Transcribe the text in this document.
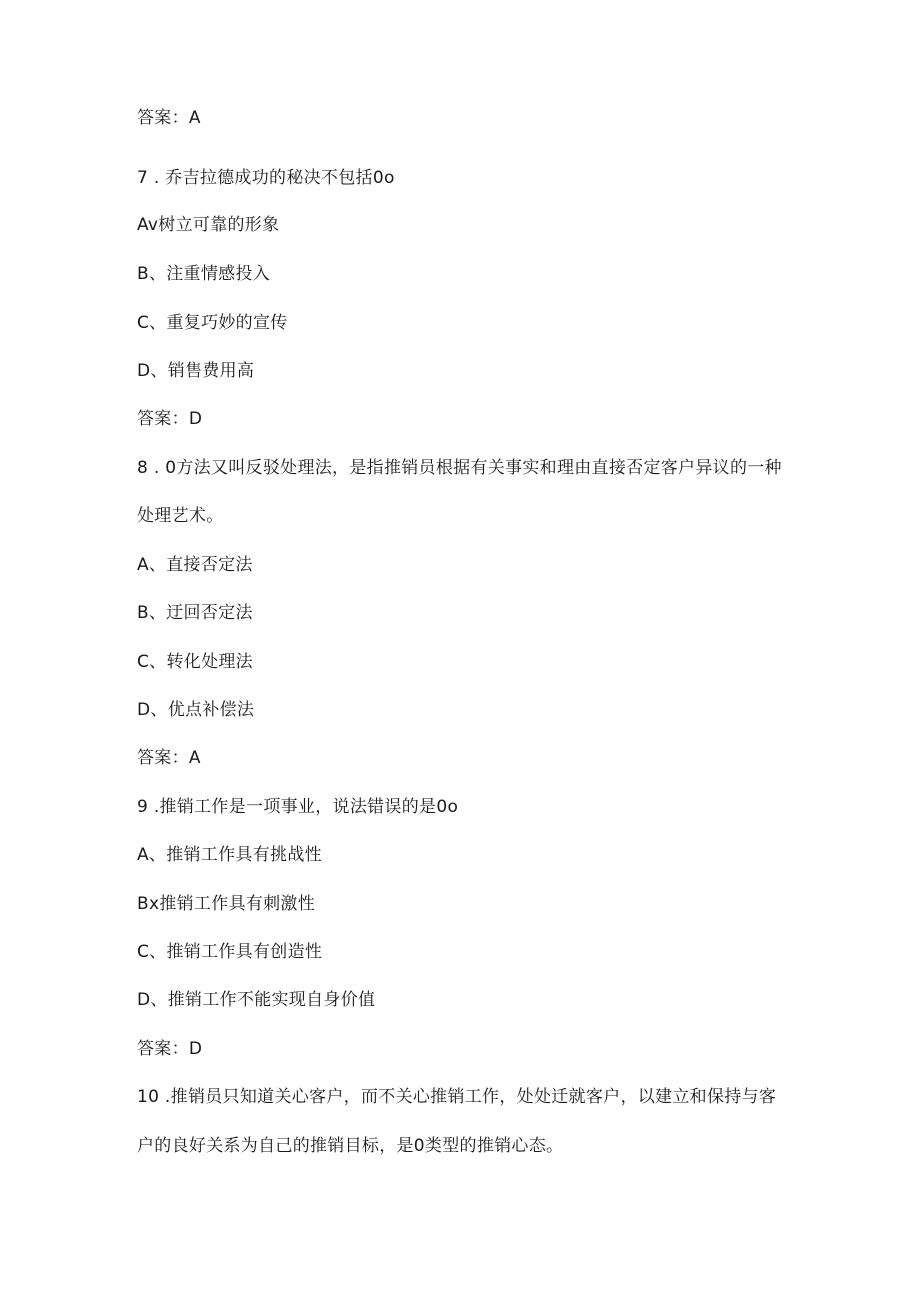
答案：A
7 . 乔吉拉德成功的秘决不包括0o
Av树立可靠的形象
B、注重情感投入
C、重复巧妙的宣传
D、销售费用高
答案：D
8 . 0方法又叫反驳处理法，是指推销员根据有关事实和理由直接否定客户异议的一种
处理艺术。
A、直接否定法
B、迂回否定法
C、转化处理法
D、优点补偿法
答案：A
9 .推销工作是一项事业，说法错误的是0o
A、推销工作具有挑战性
Bx推销工作具有刺激性
C、推销工作具有创造性
D、推销工作不能实现自身价值
答案：D
10 .推销员只知道关心客户，而不关心推销工作，处处迁就客户，以建立和保持与客
户的良好关系为自己的推销目标，是0类型的推销心态。
